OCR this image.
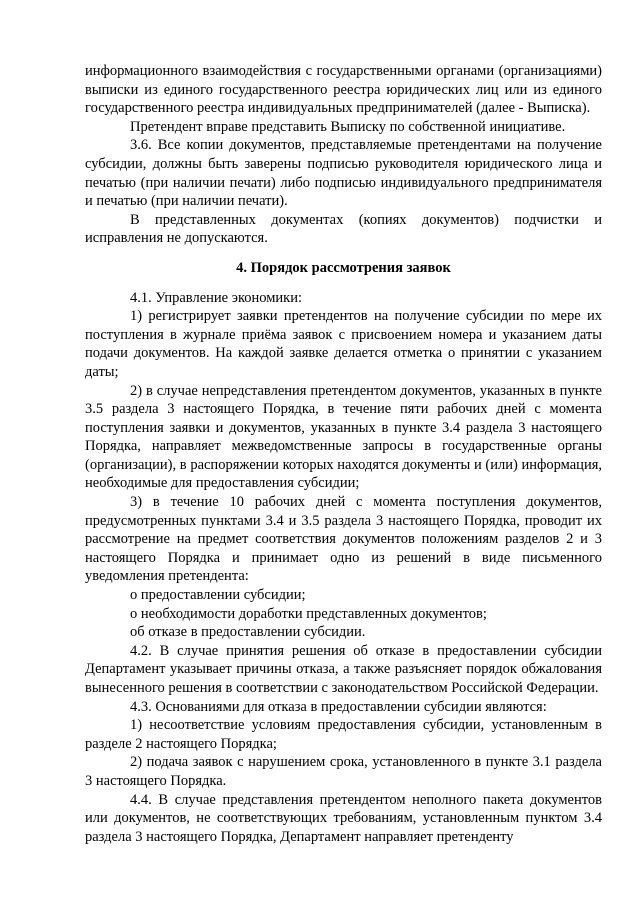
информационного взаимодействия с государственными органами (организациями) выписки из единого государственного реестра юридических лиц или из единого государственного реестра индивидуальных предпринимателей (далее - Выписка).

Претендент вправе представить Выписку по собственной инициативе.

3.6. Все копии документов, представляемые претендентами на получение субсидии, должны быть заверены подписью руководителя юридического лица и печатью (при наличии печати) либо подписью индивидуального предпринимателя и печатью (при наличии печати).

В представленных документах (копиях документов) подчистки и исправления не допускаются.

4. Порядок рассмотрения заявок

4.1. Управление экономики:

1) регистрирует заявки претендентов на получение субсидии по мере их поступления в журнале приёма заявок с присвоением номера и указанием даты подачи документов. На каждой заявке делается отметка о принятии с указанием даты;

2) в случае непредставления претендентом документов, указанных в пункте 3.5 раздела 3 настоящего Порядка, в течение пяти рабочих дней с момента поступления заявки и документов, указанных в пункте 3.4 раздела 3 настоящего Порядка, направляет межведомственные запросы в государственные органы (организации), в распоряжении которых находятся документы и (или) информация, необходимые для предоставления субсидии;

3) в течение 10 рабочих дней с момента поступления документов, предусмотренных пунктами 3.4 и 3.5 раздела 3 настоящего Порядка, проводит их рассмотрение на предмет соответствия документов положениям разделов 2 и 3 настоящего Порядка и принимает одно из решений в виде письменного уведомления претендента:

о предоставлении субсидии;

о необходимости доработки представленных документов;

об отказе в предоставлении субсидии.

4.2. В случае принятия решения об отказе в предоставлении субсидии Департамент указывает причины отказа, а также разъясняет порядок обжалования вынесенного решения в соответствии с законодательством Российской Федерации.

4.3. Основаниями для отказа в предоставлении субсидии являются:

1) несоответствие условиям предоставления субсидии, установленным в разделе 2 настоящего Порядка;

2) подача заявок с нарушением срока, установленного в пункте 3.1 раздела 3 настоящего Порядка.

4.4. В случае представления претендентом неполного пакета документов или документов, не соответствующих требованиям, установленным пунктом 3.4 раздела 3 настоящего Порядка, Департамент направляет претенденту
